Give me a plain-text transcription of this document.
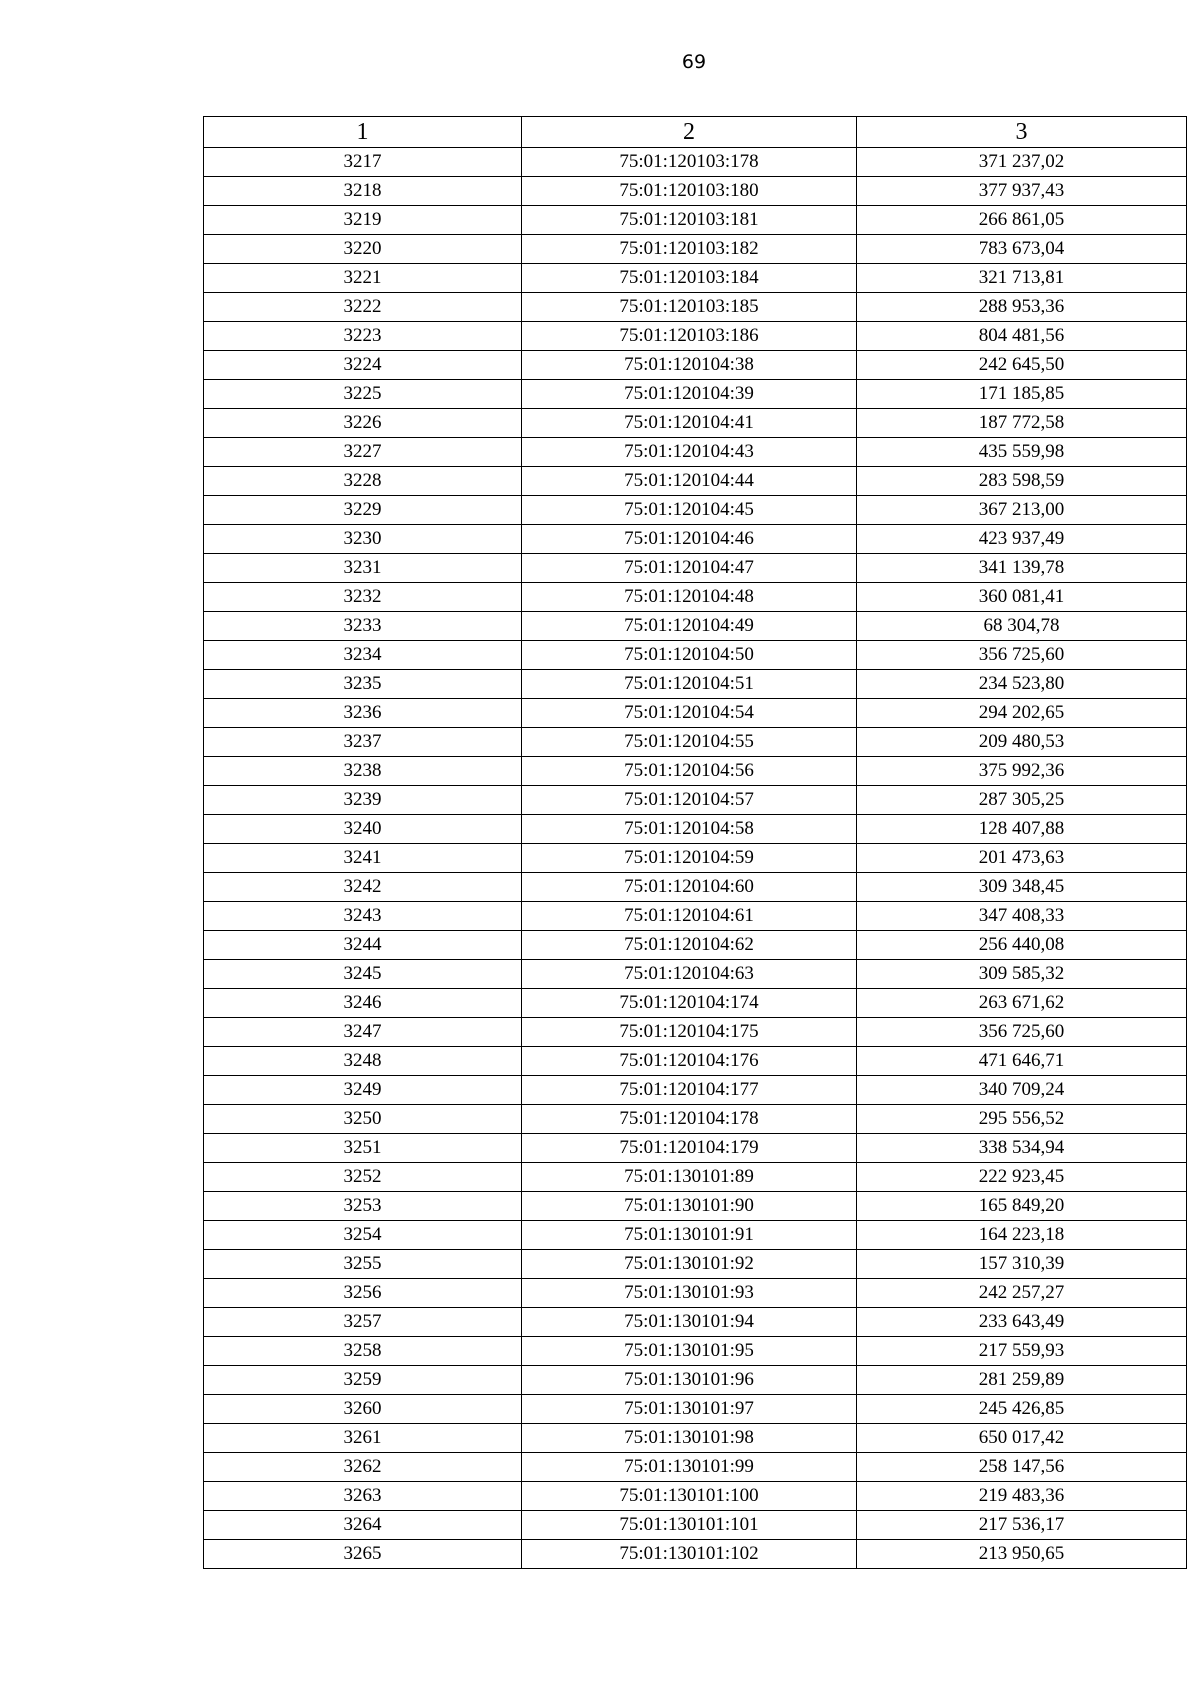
69
1	2	3
3217	75:01:120103:178	371 237,02
3218	75:01:120103:180	377 937,43
3219	75:01:120103:181	266 861,05
3220	75:01:120103:182	783 673,04
3221	75:01:120103:184	321 713,81
3222	75:01:120103:185	288 953,36
3223	75:01:120103:186	804 481,56
3224	75:01:120104:38	242 645,50
3225	75:01:120104:39	171 185,85
3226	75:01:120104:41	187 772,58
3227	75:01:120104:43	435 559,98
3228	75:01:120104:44	283 598,59
3229	75:01:120104:45	367 213,00
3230	75:01:120104:46	423 937,49
3231	75:01:120104:47	341 139,78
3232	75:01:120104:48	360 081,41
3233	75:01:120104:49	68 304,78
3234	75:01:120104:50	356 725,60
3235	75:01:120104:51	234 523,80
3236	75:01:120104:54	294 202,65
3237	75:01:120104:55	209 480,53
3238	75:01:120104:56	375 992,36
3239	75:01:120104:57	287 305,25
3240	75:01:120104:58	128 407,88
3241	75:01:120104:59	201 473,63
3242	75:01:120104:60	309 348,45
3243	75:01:120104:61	347 408,33
3244	75:01:120104:62	256 440,08
3245	75:01:120104:63	309 585,32
3246	75:01:120104:174	263 671,62
3247	75:01:120104:175	356 725,60
3248	75:01:120104:176	471 646,71
3249	75:01:120104:177	340 709,24
3250	75:01:120104:178	295 556,52
3251	75:01:120104:179	338 534,94
3252	75:01:130101:89	222 923,45
3253	75:01:130101:90	165 849,20
3254	75:01:130101:91	164 223,18
3255	75:01:130101:92	157 310,39
3256	75:01:130101:93	242 257,27
3257	75:01:130101:94	233 643,49
3258	75:01:130101:95	217 559,93
3259	75:01:130101:96	281 259,89
3260	75:01:130101:97	245 426,85
3261	75:01:130101:98	650 017,42
3262	75:01:130101:99	258 147,56
3263	75:01:130101:100	219 483,36
3264	75:01:130101:101	217 536,17
3265	75:01:130101:102	213 950,65
